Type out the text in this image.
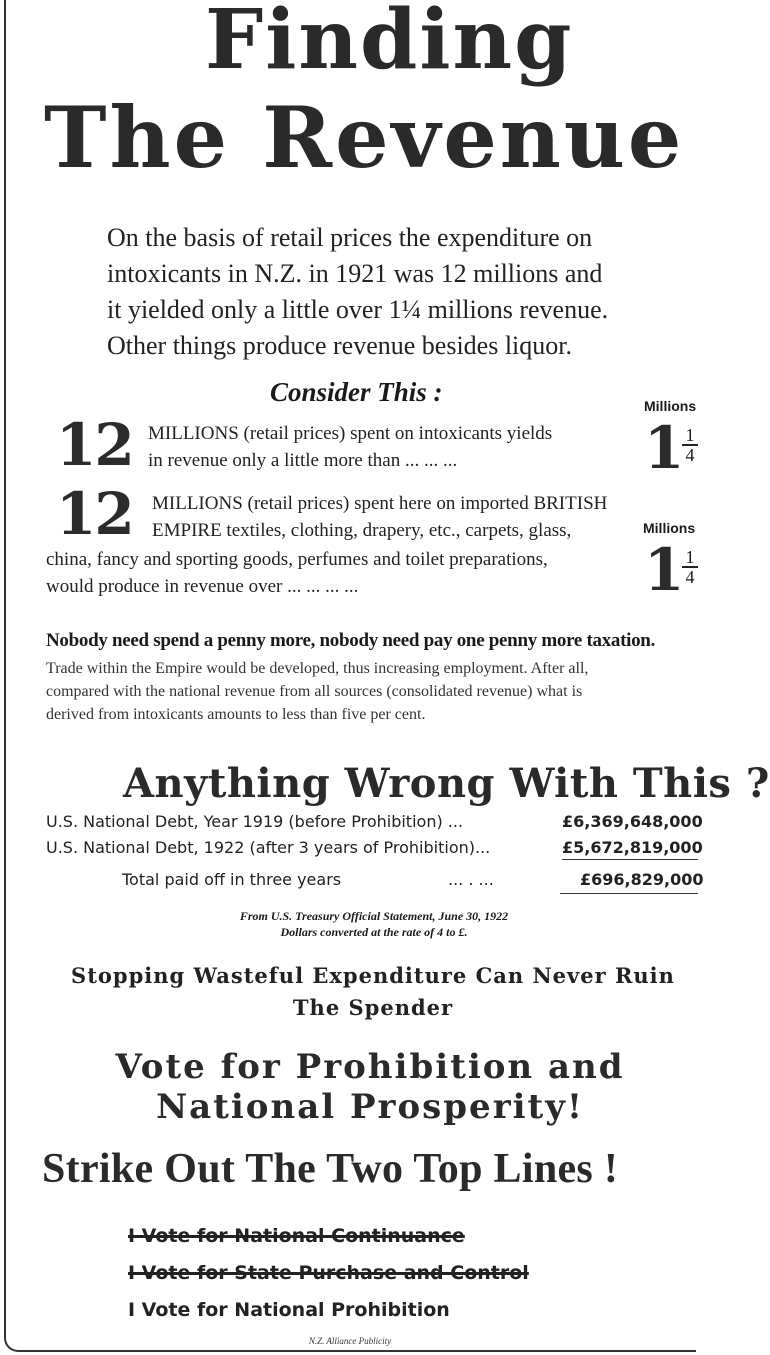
Finding
The Revenue
On the basis of retail prices the expenditure on
intoxicants in N.Z. in 1921 was 12 millions and
it yielded only a little over 1¼ millions revenue.
Other things produce revenue besides liquor.
Consider This :	Millions
12 MILLIONS (retail prices) spent on intoxicants yields
in revenue only a little more than ... ... ...	1
$\frac{1}{4}$
12 MILLIONS (retail prices) spent here on imported BRITISH
EMPIRE textiles, clothing, drapery, etc., carpets, glass,	Millions
china, fancy and sporting goods, perfumes and toilet preparations,
would produce in revenue over ... ... ... ...	1
$\frac{1}{4}$
Nobody need spend a penny more, nobody need pay one penny more taxation.
Trade within the Empire would be developed, thus increasing employment. After all,
compared with the national revenue from all sources (consolidated revenue) what is
derived from intoxicants amounts to less than five per cent.
Anything Wrong With This ?
U.S. National Debt, Year 1919 (before Prohibition) ...	£6,369,648,000
U.S. National Debt, 1922 (after 3 years of Prohibition)...	£5,672,819,000
Total paid off in three years	... . ...	£696,829,000
From U.S. Treasury Official Statement, June 30, 1922
Dollars converted at the rate of 4 to £.
Stopping Wasteful Expenditure Can Never Ruin
The Spender
Vote for Prohibition and
National Prosperity!
Strike Out The Two Top Lines !
I Vote for National Continuance
I Vote for State Purchase and Control
I Vote for National Prohibition
N.Z. Alliance Publicity
